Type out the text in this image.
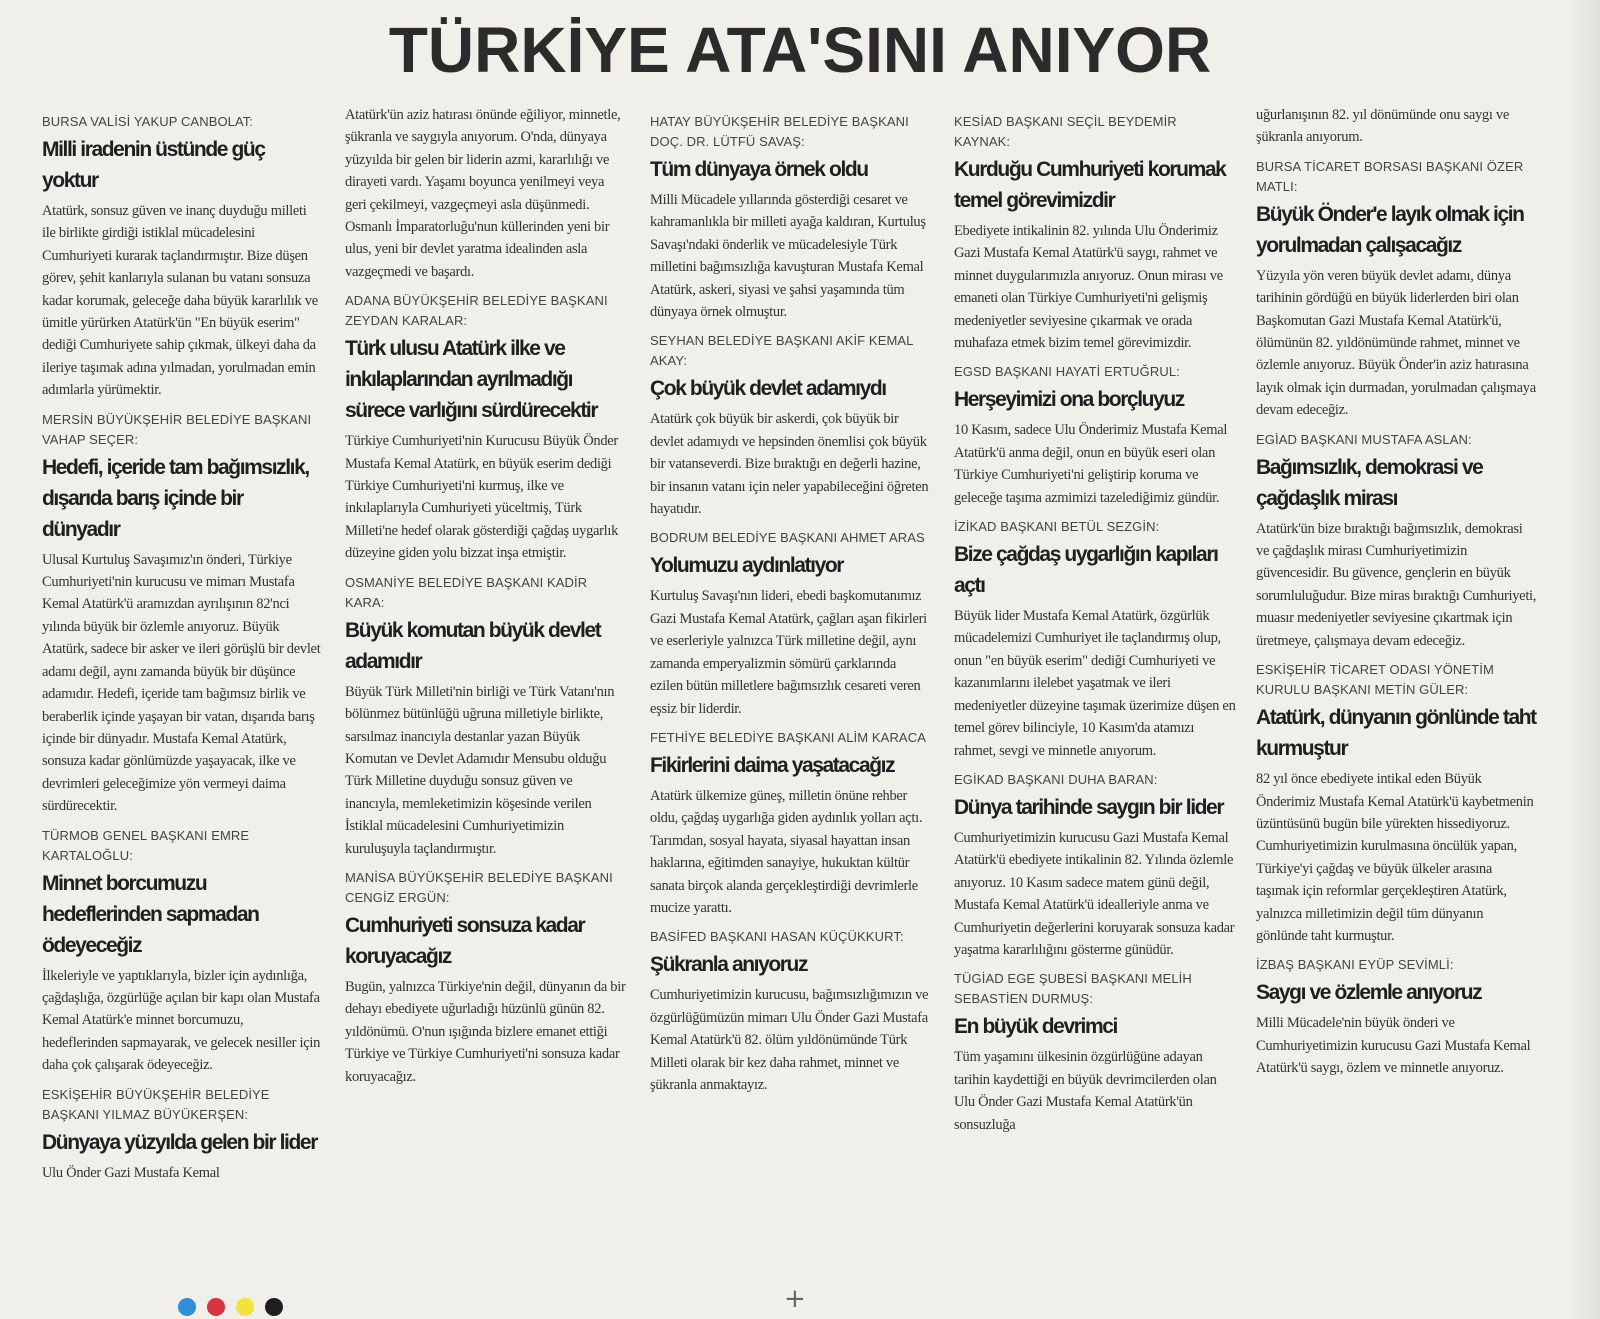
TÜRKİYE ATA'SINI ANIYOR
BURSA VALİSİ YAKUP CANBOLAT:
Milli iradenin üstünde güç yoktur

Atatürk, sonsuz güven ve inanç duyduğu milleti ile birlikte girdiği istiklal mücadelesini Cumhuriyeti kurarak taçlandırmıştır. Bize düşen görev, şehit kanlarıyla sulanan bu vatanı sonsuza kadar korumak, geleceğe daha büyük kararlılık ve ümitle yürürken Atatürk'ün "En büyük eserim" dediği Cumhuriyete sahip çıkmak, ülkeyi daha da ileriye taşımak adına yılmadan, yorulmadan emin adımlarla yürümektir.

MERSİN BÜYÜKŞEHİR BELEDİYE BAŞKANI VAHAP SEÇER:
Hedefi, içeride tam bağımsızlık, dışarıda barış içinde bir dünyadır

Ulusal Kurtuluş Savaşımız'ın önderi, Türkiye Cumhuriyeti'nin kurucusu ve mimarı Mustafa Kemal Atatürk'ü aramızdan ayrılışının 82'nci yılında büyük bir özlemle anıyoruz. Büyük Atatürk, sadece bir asker ve ileri görüşlü bir devlet adamı değil, aynı zamanda büyük bir düşünce adamıdır. Hedefi, içeride tam bağımsız birlik ve beraberlik içinde yaşayan bir vatan, dışarıda barış içinde bir dünyadır. Mustafa Kemal Atatürk, sonsuza kadar gönlümüzde yaşayacak, ilke ve devrimleri geleceğimize yön vermeyi daima sürdürecektir.

TÜRMOB GENEL BAŞKANI EMRE KARTALOĞLU:
Minnet borcumuzu hedeflerinden sapmadan ödeyeceğiz

İlkeleriyle ve yaptıklarıyla, bizler için aydınlığa, çağdaşlığa, özgürlüğe açılan bir kapı olan Mustafa Kemal Atatürk'e minnet borcumuzu, hedeflerinden sapmayarak, ve gelecek nesiller için daha çok çalışarak ödeyeceğiz.

ESKİŞEHİR BÜYÜKŞEHİR BELEDİYE BAŞKANI YILMAZ BÜYÜKERŞEN:
Dünyaya yüzyılda gelen bir lider

Ulu Önder Gazi Mustafa Kemal

Atatürk'ün aziz hatırası önünde eğiliyor, minnetle, şükranla ve saygıyla anıyorum. O'nda, dünyaya yüzyılda bir gelen bir liderin azmi, kararlılığı ve dirayeti vardı. Yaşamı boyunca yenilmeyi veya geri çekilmeyi, vazgeçmeyi asla düşünmedi. Osmanlı İmparatorluğu'nun küllerinden yeni bir ulus, yeni bir devlet yaratma idealinden asla vazgeçmedi ve başardı.

ADANA BÜYÜKŞEHİR BELEDİYE BAŞKANI ZEYDAN KARALAR:
Türk ulusu Atatürk ilke ve inkılaplarından ayrılmadığı sürece varlığını sürdürecektir

Türkiye Cumhuriyeti'nin Kurucusu Büyük Önder Mustafa Kemal Atatürk, en büyük eserim dediği Türkiye Cumhuriyeti'ni kurmuş, ilke ve inkılaplarıyla Cumhuriyeti yüceltmiş, Türk Milleti'ne hedef olarak gösterdiği çağdaş uygarlık düzeyine giden yolu bizzat inşa etmiştir.

OSMANİYE BELEDİYE BAŞKANI KADİR KARA:
Büyük komutan büyük devlet adamıdır

Büyük Türk Milleti'nin birliği ve Türk Vatanı'nın bölünmez bütünlüğü uğruna milletiyle birlikte, sarsılmaz inancıyla destanlar yazan Büyük Komutan ve Devlet Adamıdır Mensubu olduğu Türk Milletine duyduğu sonsuz güven ve inancıyla, memleketimizin köşesinde verilen İstiklal mücadelesini Cumhuriyetimizin kuruluşuyla taçlandırmıştır.

MANİSA BÜYÜKŞEHİR BELEDİYE BAŞKANI CENGİZ ERGÜN:
Cumhuriyeti sonsuza kadar koruyacağız

Bugün, yalnızca Türkiye'nin değil, dünyanın da bir dehayı ebediyete uğurladığı hüzünlü günün 82. yıldönümü. O'nun ışığında bizlere emanet ettiği Türkiye ve Türkiye Cumhuriyeti'ni sonsuza kadar koruyacağız.

HATAY BÜYÜKŞEHİR BELEDİYE BAŞKANI DOÇ. DR. LÜTFÜ SAVAŞ:
Tüm dünyaya örnek oldu

Milli Mücadele yıllarında gösterdiği cesaret ve kahramanlıkla bir milleti ayağa kaldıran, Kurtuluş Savaşı'ndaki önderlik ve mücadelesiyle Türk milletini bağımsızlığa kavuşturan Mustafa Kemal Atatürk, askeri, siyasi ve şahsi yaşamında tüm dünyaya örnek olmuştur.

SEYHAN BELEDİYE BAŞKANI AKİF KEMAL AKAY:
Çok büyük devlet adamıydı

Atatürk çok büyük bir askerdi, çok büyük bir devlet adamıydı ve hepsinden önemlisi çok büyük bir vatanseverdi. Bize bıraktığı en değerli hazine, bir insanın vatanı için neler yapabileceğini öğreten hayatıdır.

BODRUM BELEDİYE BAŞKANI AHMET ARAS
Yolumuzu aydınlatıyor

Kurtuluş Savaşı'nın lideri, ebedi başkomutanımız Gazi Mustafa Kemal Atatürk, çağları aşan fikirleri ve eserleriyle yalnızca Türk milletine değil, aynı zamanda emperyalizmin sömürü çarklarında ezilen bütün milletlere bağımsızlık cesareti veren eşsiz bir liderdir.

FETHİYE BELEDİYE BAŞKANI ALİM KARACA
Fikirlerini daima yaşatacağız

Atatürk ülkemize güneş, milletin önüne rehber oldu, çağdaş uygarlığa giden aydınlık yolları açtı. Tarımdan, sosyal hayata, siyasal hayattan insan haklarına, eğitimden sanayiye, hukuktan kültür sanata birçok alanda gerçekleştirdiği devrimlerle mucize yarattı.

BASİFED BAŞKANI HASAN KÜÇÜKKURT:
Şükranla anıyoruz

Cumhuriyetimizin kurucusu, bağımsızlığımızın ve özgürlüğümüzün mimarı Ulu Önder Gazi Mustafa Kemal Atatürk'ü 82. ölüm yıldönümünde Türk Milleti olarak bir kez daha rahmet, minnet ve şükranla anmaktayız.

KESİAD BAŞKANI SEÇİL BEYDEMİR KAYNAK:
Kurduğu Cumhuriyeti korumak temel görevimizdir

Ebediyete intikalinin 82. yılında Ulu Önderimiz Gazi Mustafa Kemal Atatürk'ü saygı, rahmet ve minnet duygularımızla anıyoruz. Onun mirası ve emaneti olan Türkiye Cumhuriyeti'ni gelişmiş medeniyetler seviyesine çıkarmak ve orada muhafaza etmek bizim temel görevimizdir.

EGSD BAŞKANI HAYATİ ERTUĞRUL:
Herşeyimizi ona borçluyuz

10 Kasım, sadece Ulu Önderimiz Mustafa Kemal Atatürk'ü anma değil, onun en büyük eseri olan Türkiye Cumhuriyeti'ni geliştirip koruma ve geleceğe taşıma azmimizi tazelediğimiz gündür.

İZİKAD BAŞKANI BETÜL SEZGİN:
Bize çağdaş uygarlığın kapıları açtı

Büyük lider Mustafa Kemal Atatürk, özgürlük mücadelemizi Cumhuriyet ile taçlandırmış olup, onun "en büyük eserim" dediği Cumhuriyeti ve kazanımlarını ilelebet yaşatmak ve ileri medeniyetler düzeyine taşımak üzerimize düşen en temel görev bilinciyle, 10 Kasım'da atamızı rahmet, sevgi ve minnetle anıyorum.

EGİKAD BAŞKANI DUHA BARAN:
Dünya tarihinde saygın bir lider

Cumhuriyetimizin kurucusu Gazi Mustafa Kemal Atatürk'ü ebediyete intikalinin 82. Yılında özlemle anıyoruz. 10 Kasım sadece matem günü değil, Mustafa Kemal Atatürk'ü idealleriyle anma ve Cumhuriyetin değerlerini koruyarak sonsuza kadar yaşatma kararlılığını gösterme günüdür.

TÜGİAD EGE ŞUBESİ BAŞKANI MELİH SEBASTİEN DURMUŞ:
En büyük devrimci

Tüm yaşamını ülkesinin özgürlüğüne adayan tarihin kaydettiği en büyük devrimcilerden olan Ulu Önder Gazi Mustafa Kemal Atatürk'ün sonsuzluğa

uğurlanışının 82. yıl dönümünde onu saygı ve şükranla anıyorum.

BURSA TİCARET BORSASI BAŞKANI ÖZER MATLI:
Büyük Önder'e layık olmak için yorulmadan çalışacağız

Yüzyıla yön veren büyük devlet adamı, dünya tarihinin gördüğü en büyük liderlerden biri olan Başkomutan Gazi Mustafa Kemal Atatürk'ü, ölümünün 82. yıldönümünde rahmet, minnet ve özlemle anıyoruz. Büyük Önder'in aziz hatırasına layık olmak için durmadan, yorulmadan çalışmaya devam edeceğiz.

EGİAD BAŞKANI MUSTAFA ASLAN:
Bağımsızlık, demokrasi ve çağdaşlık mirası

Atatürk'ün bize bıraktığı bağımsızlık, demokrasi ve çağdaşlık mirası Cumhuriyetimizin güvencesidir. Bu güvence, gençlerin en büyük sorumluluğudur. Bize miras bıraktığı Cumhuriyeti, muasır medeniyetler seviyesine çıkartmak için üretmeye, çalışmaya devam edeceğiz.

ESKİŞEHİR TİCARET ODASI YÖNETİM KURULU BAŞKANI METİN GÜLER:
Atatürk, dünyanın gönlünde taht kurmuştur

82 yıl önce ebediyete intikal eden Büyük Önderimiz Mustafa Kemal Atatürk'ü kaybetmenin üzüntüsünü bugün bile yürekten hissediyoruz. Cumhuriyetimizin kurulmasına öncülük yapan, Türkiye'yi çağdaş ve büyük ülkeler arasına taşımak için reformlar gerçekleştiren Atatürk, yalnızca milletimizin değil tüm dünyanın gönlünde taht kurmuştur.

İZBAŞ BAŞKANI EYÜP SEVİMLİ:
Saygı ve özlemle anıyoruz

Milli Mücadele'nin büyük önderi ve Cumhuriyetimizin kurucusu Gazi Mustafa Kemal Atatürk'ü saygı, özlem ve minnetle anıyoruz.

+
